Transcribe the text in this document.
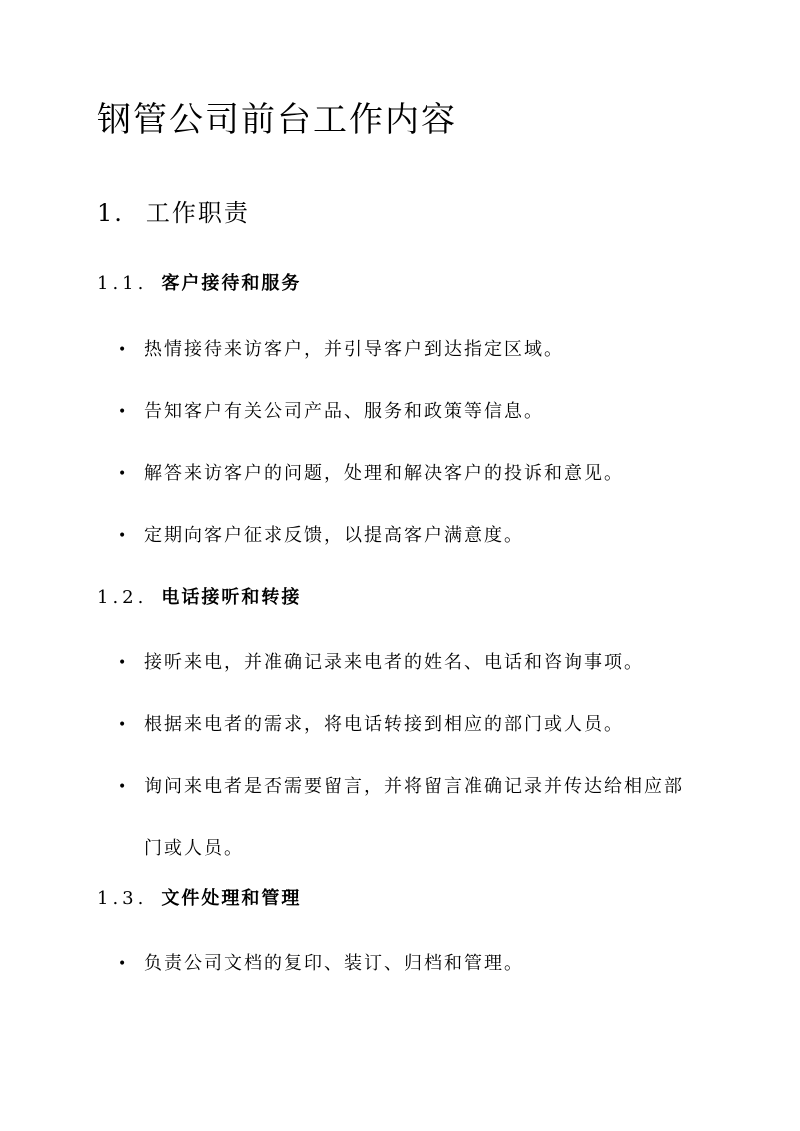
钢管公司前台工作内容
1. 工作职责
1.1. 客户接待和服务
• 热情接待来访客户，并引导客户到达指定区域。
• 告知客户有关公司产品、服务和政策等信息。
• 解答来访客户的问题，处理和解决客户的投诉和意见。
• 定期向客户征求反馈，以提高客户满意度。
1.2. 电话接听和转接
• 接听来电，并准确记录来电者的姓名、电话和咨询事项。
• 根据来电者的需求，将电话转接到相应的部门或人员。
• 询问来电者是否需要留言，并将留言准确记录并传达给相应部门或人员。
1.3. 文件处理和管理
• 负责公司文档的复印、装订、归档和管理。
